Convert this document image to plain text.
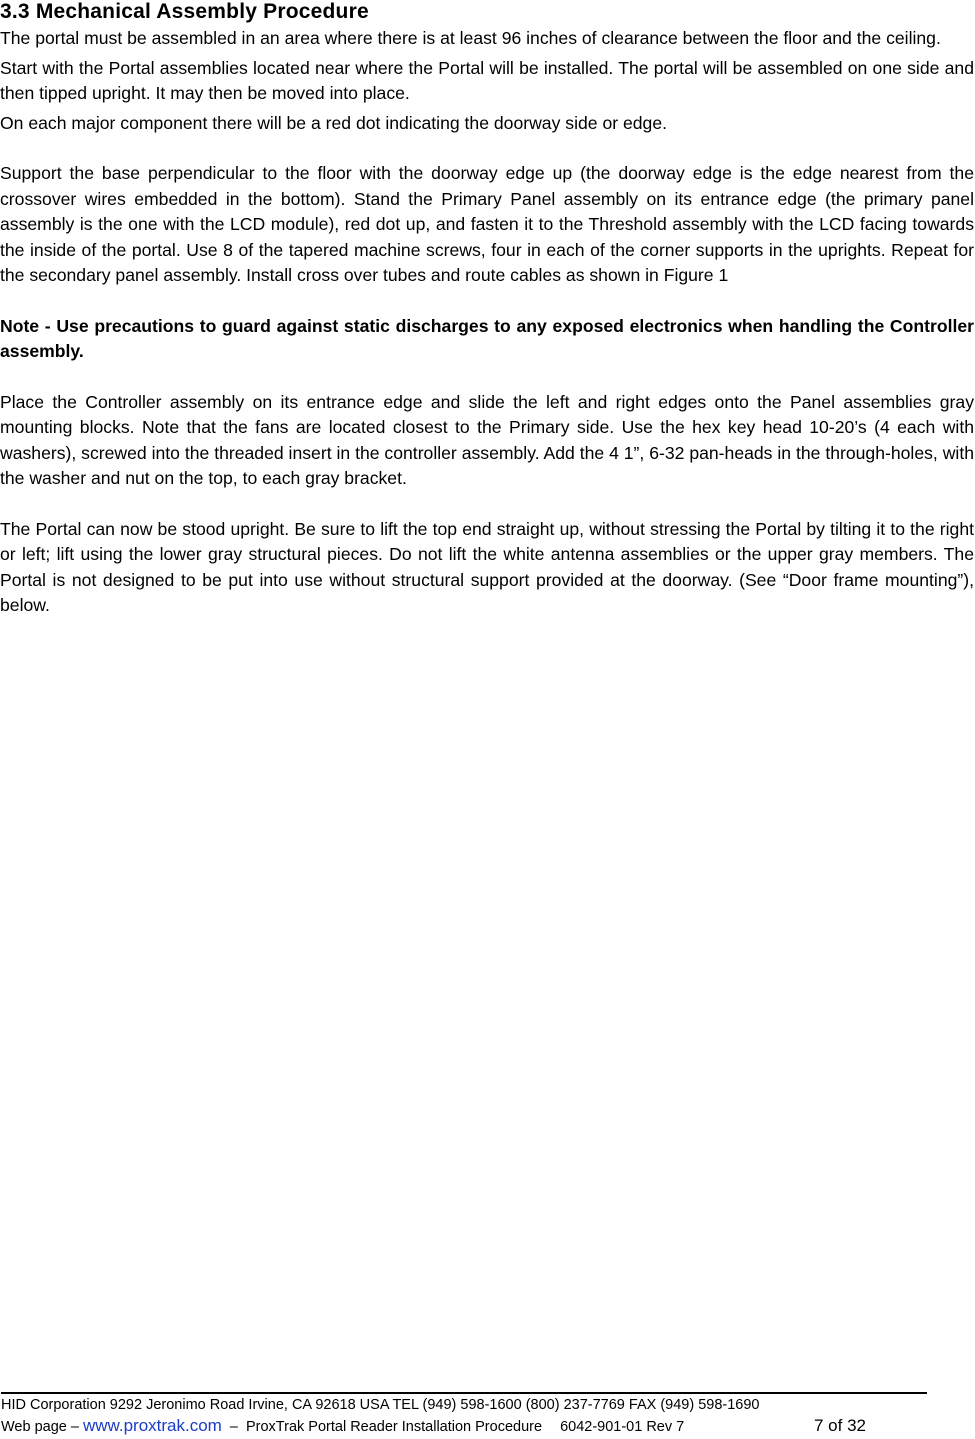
3.3 Mechanical Assembly Procedure

The portal must be assembled in an area where there is at least 96 inches of clearance between the floor and the ceiling.

Start with the Portal assemblies located near where the Portal will be installed. The portal will be assembled on one side and then tipped upright. It may then be moved into place.

On each major component there will be a red dot indicating the doorway side or edge.

Support the base perpendicular to the floor with the doorway edge up (the doorway edge is the edge nearest from the crossover wires embedded in the bottom). Stand the Primary Panel assembly on its entrance edge (the primary panel assembly is the one with the LCD module), red dot up, and fasten it to the Threshold assembly with the LCD facing towards the inside of the portal. Use 8 of the tapered machine screws, four in each of the corner supports in the uprights. Repeat for the secondary panel assembly. Install cross over tubes and route cables as shown in Figure 1

Note - Use precautions to guard against static discharges to any exposed electronics when handling the Controller assembly.

Place the Controller assembly on its entrance edge and slide the left and right edges onto the Panel assemblies gray mounting blocks. Note that the fans are located closest to the Primary side. Use the hex key head 10-20’s (4 each with washers), screwed into the threaded insert in the controller assembly. Add the 4 1”, 6-32 pan-heads in the through-holes, with the washer and nut on the top, to each gray bracket.

The Portal can now be stood upright. Be sure to lift the top end straight up, without stressing the Portal by tilting it to the right or left; lift using the lower gray structural pieces. Do not lift the white antenna assemblies or the upper gray members. The Portal is not designed to be put into use without structural support provided at the doorway. (See “Door frame mounting”), below.

HID Corporation 9292 Jeronimo Road Irvine, CA 92618 USA TEL (949) 598-1600 (800) 237-7769 FAX (949) 598-1690
Web page – www.proxtrak.com – ProxTrak Portal Reader Installation Procedure 6042-901-01 Rev 7	7 of 32
